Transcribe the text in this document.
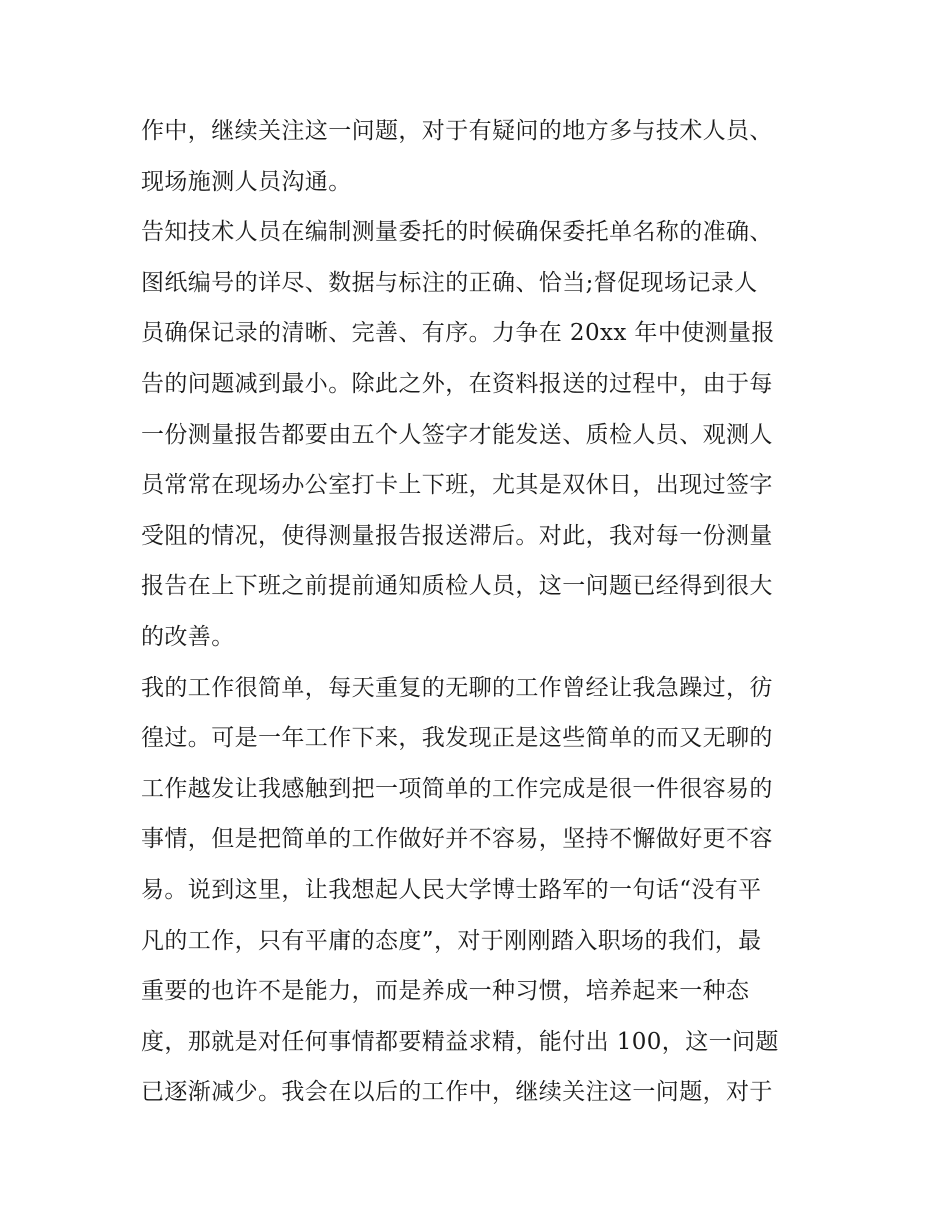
作中，继续关注这一问题，对于有疑问的地方多与技术人员、
现场施测人员沟通。
告知技术人员在编制测量委托的时候确保委托单名称的准确、
图纸编号的详尽、数据与标注的正确、恰当;督促现场记录人
员确保记录的清晰、完善、有序。力争在 20xx 年中使测量报
告的问题减到最小。除此之外，在资料报送的过程中，由于每
一份测量报告都要由五个人签字才能发送、质检人员、观测人
员常常在现场办公室打卡上下班，尤其是双休日，出现过签字
受阻的情况，使得测量报告报送滞后。对此，我对每一份测量
报告在上下班之前提前通知质检人员，这一问题已经得到很大
的改善。
我的工作很简单，每天重复的无聊的工作曾经让我急躁过，彷
徨过。可是一年工作下来，我发现正是这些简单的而又无聊的
工作越发让我感触到把一项简单的工作完成是很一件很容易的
事情，但是把简单的工作做好并不容易，坚持不懈做好更不容
易。说到这里，让我想起人民大学博士路军的一句话“没有平
凡的工作，只有平庸的态度”，对于刚刚踏入职场的我们，最
重要的也许不是能力，而是养成一种习惯，培养起来一种态
度，那就是对任何事情都要精益求精，能付出 100，这一问题
已逐渐减少。我会在以后的工作中，继续关注这一问题，对于
